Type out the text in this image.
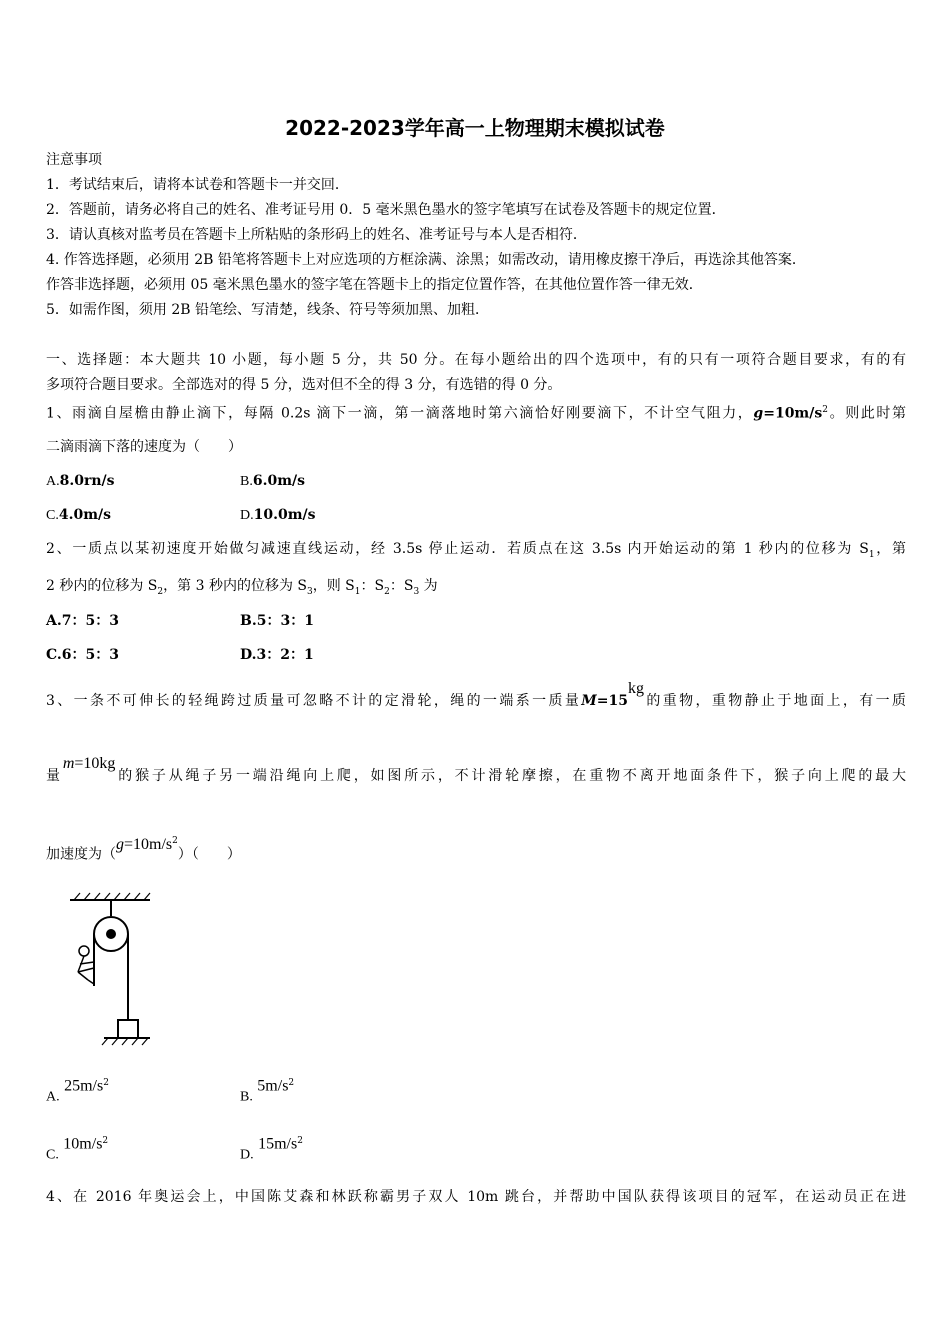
2022-2023学年高一上物理期末模拟试卷
注意事项
1．考试结束后，请将本试卷和答题卡一并交回．
2．答题前，请务必将自己的姓名、准考证号用 0．5 毫米黑色墨水的签字笔填写在试卷及答题卡的规定位置．
3．请认真核对监考员在答题卡上所粘贴的条形码上的姓名、准考证号与本人是否相符．
4. 作答选择题，必须用 2B 铅笔将答题卡上对应选项的方框涂满、涂黑；如需改动，请用橡皮擦干净后，再选涂其他答案．
作答非选择题，必须用 05 毫米黑色墨水的签字笔在答题卡上的指定位置作答，在其他位置作答一律无效．
5．如需作图，须用 2B 铅笔绘、写清楚，线条、符号等须加黑、加粗．
一、选择题：本大题共 10 小题，每小题 5 分，共 50 分。在每小题给出的四个选项中，有的只有一项符合题目要求，有的有
多项符合题目要求。全部选对的得 5 分，选对但不全的得 3 分，有选错的得 0 分。
1、雨滴自屋檐由静止滴下，每隔 0.2s 滴下一滴，第一滴落地时第六滴恰好刚要滴下，不计空气阻力，$g=10m/s^2$。则此时第
二滴雨滴下落的速度为（　　）
A.8.0rn/s	B.6.0m/s
C.4.0m/s	D.10.0m/s
2、一质点以某初速度开始做匀减速直线运动，经 3.5s 停止运动．若质点在这 3.5s 内开始运动的第 1 秒内的位移为 $S_1$，第
2 秒内的位移为 $S_2$，第 3 秒内的位移为 $S_3$，则 $S_1$：$S_2$：$S_3$ 为
A.7：5：3	B.5：3：1
C.6：5：3	D.3：2：1
3、一条不可伸长的轻绳跨过质量可忽略不计的定滑轮，绳的一端系一质量M=15kg的重物，重物静止于地面上，有一质
量m=10kg的猴子从绳子另一端沿绳向上爬，如图所示，不计滑轮摩擦，在重物不离开地面条件下，猴子向上爬的最大
加速度为$(g=10m/s^2)$（　　）
A. $25m/s^2$
B. $5m/s^2$
C. $10m/s^2$
D. $15m/s^2$
4、在 2016 年奥运会上，中国陈艾森和林跃称霸男子双人 10m 跳台，并帮助中国队获得该项目的冠军，在运动员正在进
